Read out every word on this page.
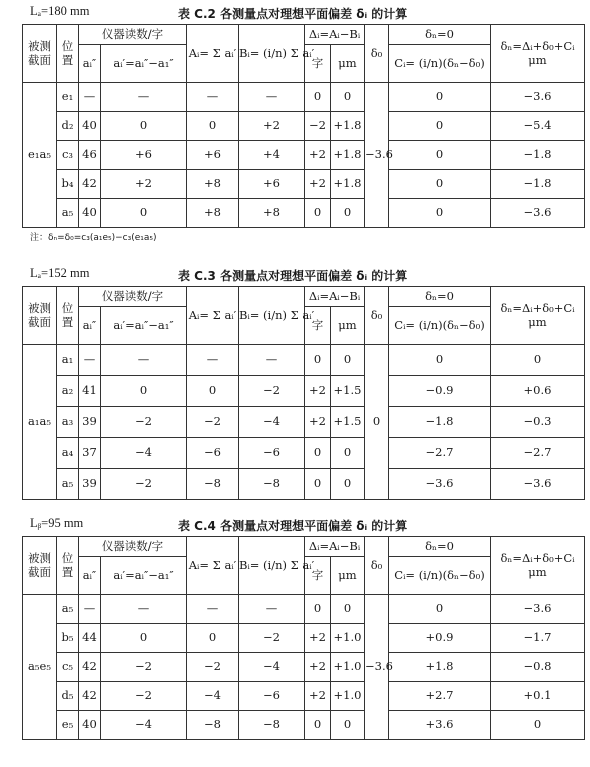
Lₐ=180 mm	表 C.2 各测量点对理想平面偏差 δᵢ 的计算
被测截面	位置	仪器读数/字		Aᵢ= Σ aᵢ′	Bᵢ= (i/n) Σ aᵢ′	Δᵢ=Aᵢ−Bᵢ		δ₀	δₙ=0	δₙ=Δᵢ+δ₀+Cᵢ
μm

		aᵢ″	aᵢ′=aᵢ″−a₁″			字	μm		Cᵢ= (i/n)(δₙ−δ₀)	
e₁a₅	e₁	—	—	—	—	0	0	−3.6	0	−3.6
	d₂	40	0	0	+2	−2	+1.8		0	−5.4
	c₃	46	+6	+6	+4	+2	+1.8		0	−1.8
	b₄	42	+2	+8	+6	+2	+1.8		0	−1.8
	a₅	40	0	+8	+8	0	0		0	−3.6
注：δₙ=δ₀=c₃(a₁e₅)−c₃(e₁a₅)
Lₐ=152 mm	表 C.3 各测量点对理想平面偏差 δᵢ 的计算
被测截面	位置	仪器读数/字		Aᵢ= Σ aᵢ′	Bᵢ= (i/n) Σ aᵢ′	Δᵢ=Aᵢ−Bᵢ		δ₀	δₙ=0	δₙ=Δᵢ+δ₀+Cᵢ
μm

		aᵢ″	aᵢ′=aᵢ″−a₁″			字	μm		Cᵢ= (i/n)(δₙ−δ₀)	
a₁a₅	a₁	—	—	—	—	0	0	0	0	0
	a₂	41	0	0	−2	+2	+1.5		−0.9	+0.6
	a₃	39	−2	−2	−4	+2	+1.5		−1.8	−0.3
	a₄	37	−4	−6	−6	0	0		−2.7	−2.7
	a₅	39	−2	−8	−8	0	0		−3.6	−3.6
Lᵦ=95 mm	表 C.4 各测量点对理想平面偏差 δᵢ 的计算
被测截面	位置	仪器读数/字		Aᵢ= Σ aᵢ′	Bᵢ= (i/n) Σ aᵢ′	Δᵢ=Aᵢ−Bᵢ		δ₀	δₙ=0	δₙ=Δᵢ+δ₀+Cᵢ
μm

		aᵢ″	aᵢ′=aᵢ″−a₁″			字	μm		Cᵢ= (i/n)(δₙ−δ₀)	
a₅e₅	a₅	—	—	—	—	0	0	−3.6	0	−3.6
	b₅	44	0	0	−2	+2	+1.0		+0.9	−1.7
	c₅	42	−2	−2	−4	+2	+1.0		+1.8	−0.8
	d₅	42	−2	−4	−6	+2	+1.0		+2.7	+0.1
	e₅	40	−4	−8	−8	0	0		+3.6	0
